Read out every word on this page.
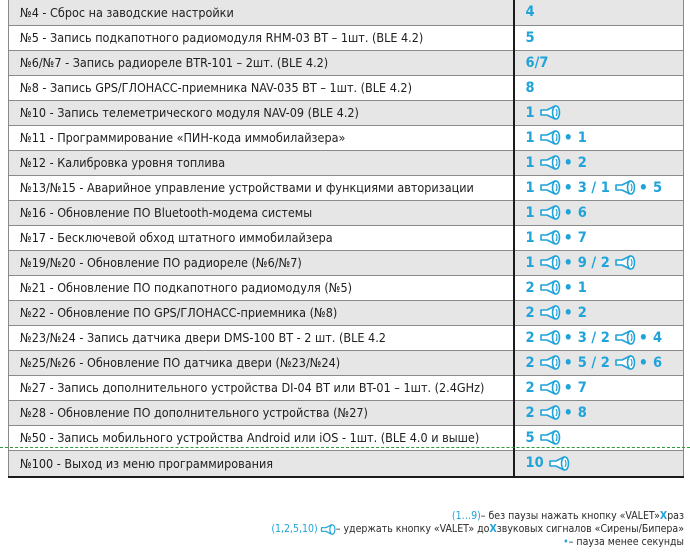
№4 - Сброс на заводские настройки	4

№5 - Запись подкапотного радиомодуля RHM-03 BT – 1шт. (BLE 4.2)	5

№6/№7 - Запись радиореле BTR-101 – 2шт. (BLE 4.2)	6/7

№8 - Запись GPS/ГЛОНАСС-приемника NAV-035 BT – 1шт. (BLE 4.2)	8

№10 - Запись телеметрического модуля NAV-09 (BLE 4.2)	1

№11 - Программирование «ПИН-кода иммобилайзера»	1 • 1

№12 - Калибровка уровня топлива	1 • 2

№13/№15 - Аварийное управление устройствами и функциями авторизации	1 • 3 / 1 • 5

№16 - Обновление ПО Bluetooth-модема системы	1 • 6

№17 - Бесключевой обход штатного иммобилайзера	1 • 7

№19/№20 - Обновление ПО радиореле (№6/№7)	1 • 9 / 2

№21 - Обновление ПО подкапотного радиомодуля (№5)	2 • 1

№22 - Обновление ПО GPS/ГЛОНАСС-приемника (№8)	2 • 2

№23/№24 - Запись датчика двери DMS-100 BT - 2 шт. (BLE 4.2	2 • 3 / 2 • 4

№25/№26 - Обновление ПО датчика двери (№23/№24)	2 • 5 / 2 • 6

№27 - Запись дополнительного устройства DI-04 BT или BT-01 – 1шт. (2.4GHz)	2 • 7

№28 - Обновление ПО дополнительного устройства (№27)	2 • 8

№50 - Запись мобильного устройства Android или iOS - 1шт. (BLE 4.0 и выше)	5

№100 - Выход из меню программирования	10
(1…9) – без паузы нажать кнопку «VALET» X раз
(1,2,5,10) – удержать кнопку «VALET» до X звуковых сигналов «Сирены/Бипера»
• – пауза менее секунды
